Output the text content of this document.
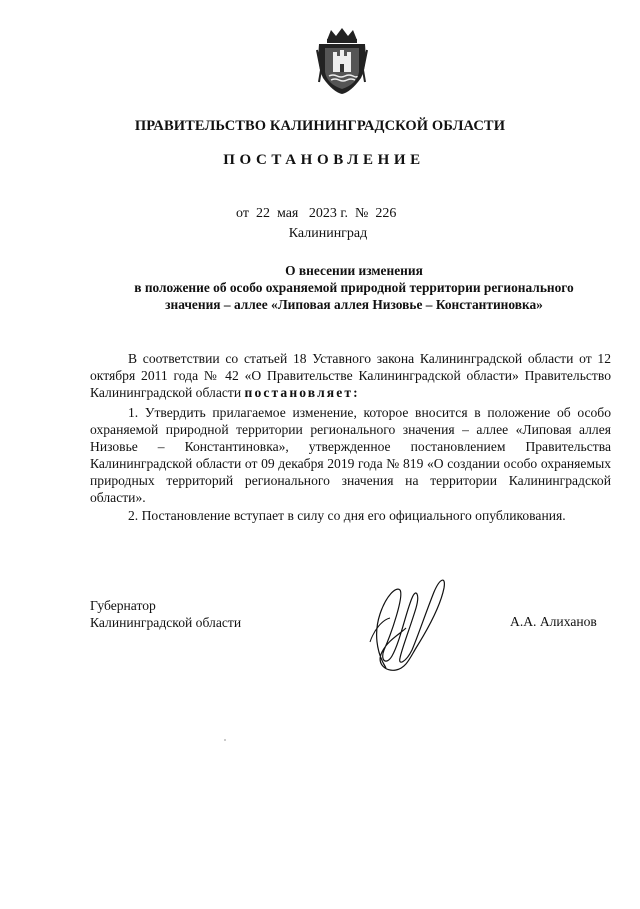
ПРАВИТЕЛЬСТВО КАЛИНИНГРАДСКОЙ ОБЛАСТИ
ПОСТАНОВЛЕНИЕ
от 22 мая 2023 г. № 226
Калининград
О внесении изменения
в положение об особо охраняемой природной территории регионального
значения – аллее «Липовая аллея Низовье – Константиновка»
В соответствии со статьей 18 Уставного закона Калининградской области от 12 октября 2011 года № 42 «О Правительстве Калининградской области» Правительство Калининградской области постановляет:
1. Утвердить прилагаемое изменение, которое вносится в положение об особо охраняемой природной территории регионального значения – аллее «Липовая аллея Низовье – Константиновка», утвержденное постановлением Правительства Калининградской области от 09 декабря 2019 года № 819 «О создании особо охраняемых природных территорий регионального значения на территории Калининградской области».
2. Постановление вступает в силу со дня его официального опубликования.
Губернатор
Калининградской области	А.А. Алиханов
